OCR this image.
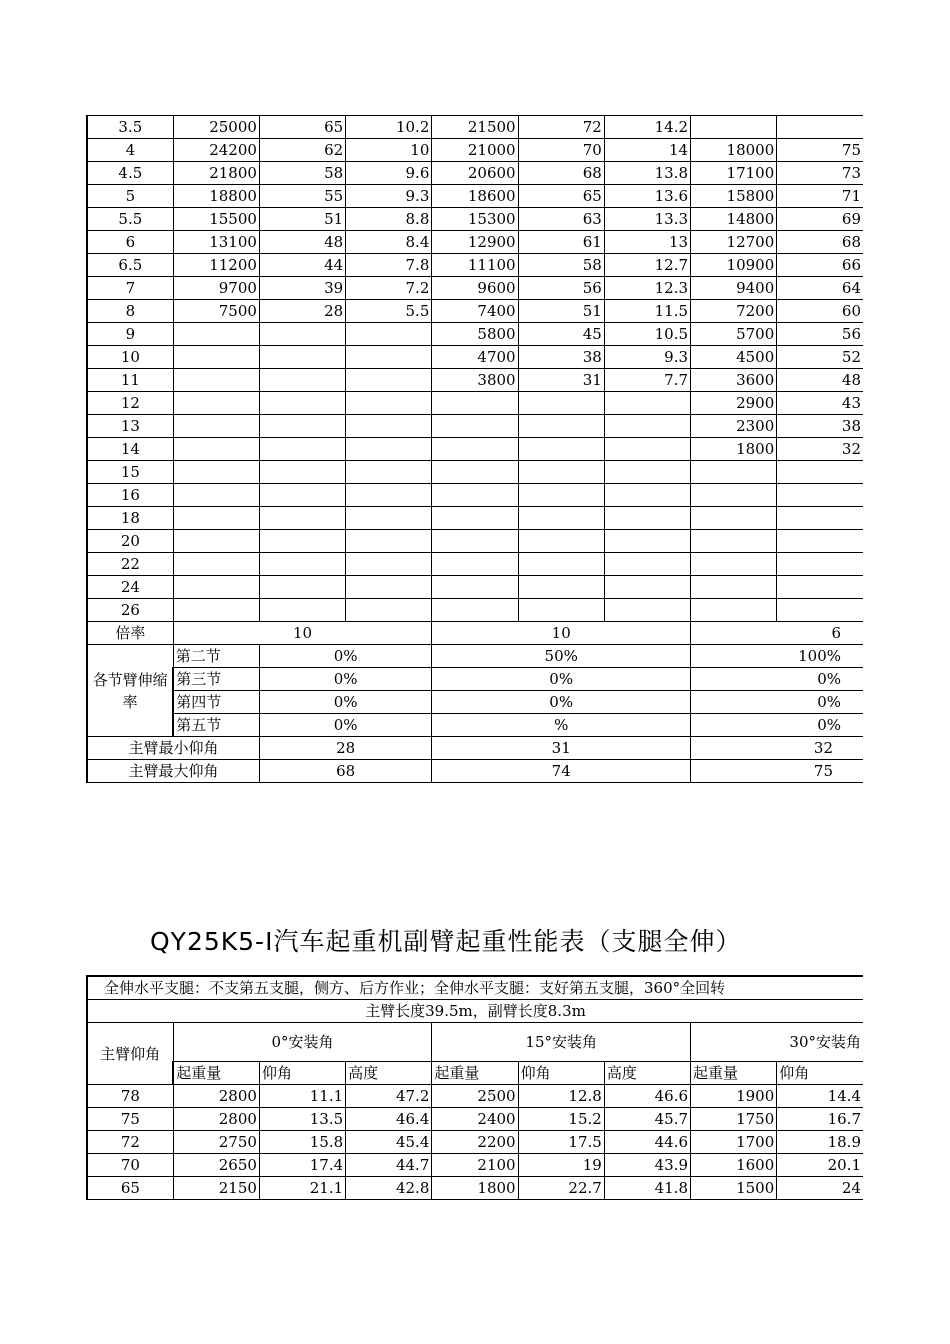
3.5	25000	65	10.2	21500	72	14.2		
4	24200	62	10	21000	70	14	18000	75
4.5	21800	58	9.6	20600	68	13.8	17100	73
5	18800	55	9.3	18600	65	13.6	15800	71
5.5	15500	51	8.8	15300	63	13.3	14800	69
6	13100	48	8.4	12900	61	13	12700	68
6.5	11200	44	7.8	11100	58	12.7	10900	66
7	9700	39	7.2	9600	56	12.3	9400	64
8	7500	28	5.5	7400	51	11.5	7200	60
9				5800	45	10.5	5700	56
10				4700	38	9.3	4500	52
11				3800	31	7.7	3600	48
12							2900	43
13							2300	38
14							1800	32
15								
16								
18								
20								
22								
24								
26								
倍率	10			10			6	
各节臂伸缩率	第二节	0%		50%			100%	
	第三节	0%		0%			0%	
	第四节	0%		0%			0%	
	第五节	0%		%			0%	
主臂最小仰角		28		31			32	
主臂最大仰角		68		74			75	
QY25K5-Ⅰ汽车起重机副臂起重性能表（支腿全伸）
全伸水平支腿：不支第五支腿，侧方、后方作业；全伸水平支腿：支好第五支腿，360°全回转								
主臂长度39.5m，副臂长度8.3m								
主臂仰角	0°安装角			15°安装角			30°安装角	
	起重量	仰角	高度	起重量	仰角	高度	起重量	仰角
78	2800	11.1	47.2	2500	12.8	46.6	1900	14.4
75	2800	13.5	46.4	2400	15.2	45.7	1750	16.7
72	2750	15.8	45.4	2200	17.5	44.6	1700	18.9
70	2650	17.4	44.7	2100	19	43.9	1600	20.1
65	2150	21.1	42.8	1800	22.7	41.8	1500	24
